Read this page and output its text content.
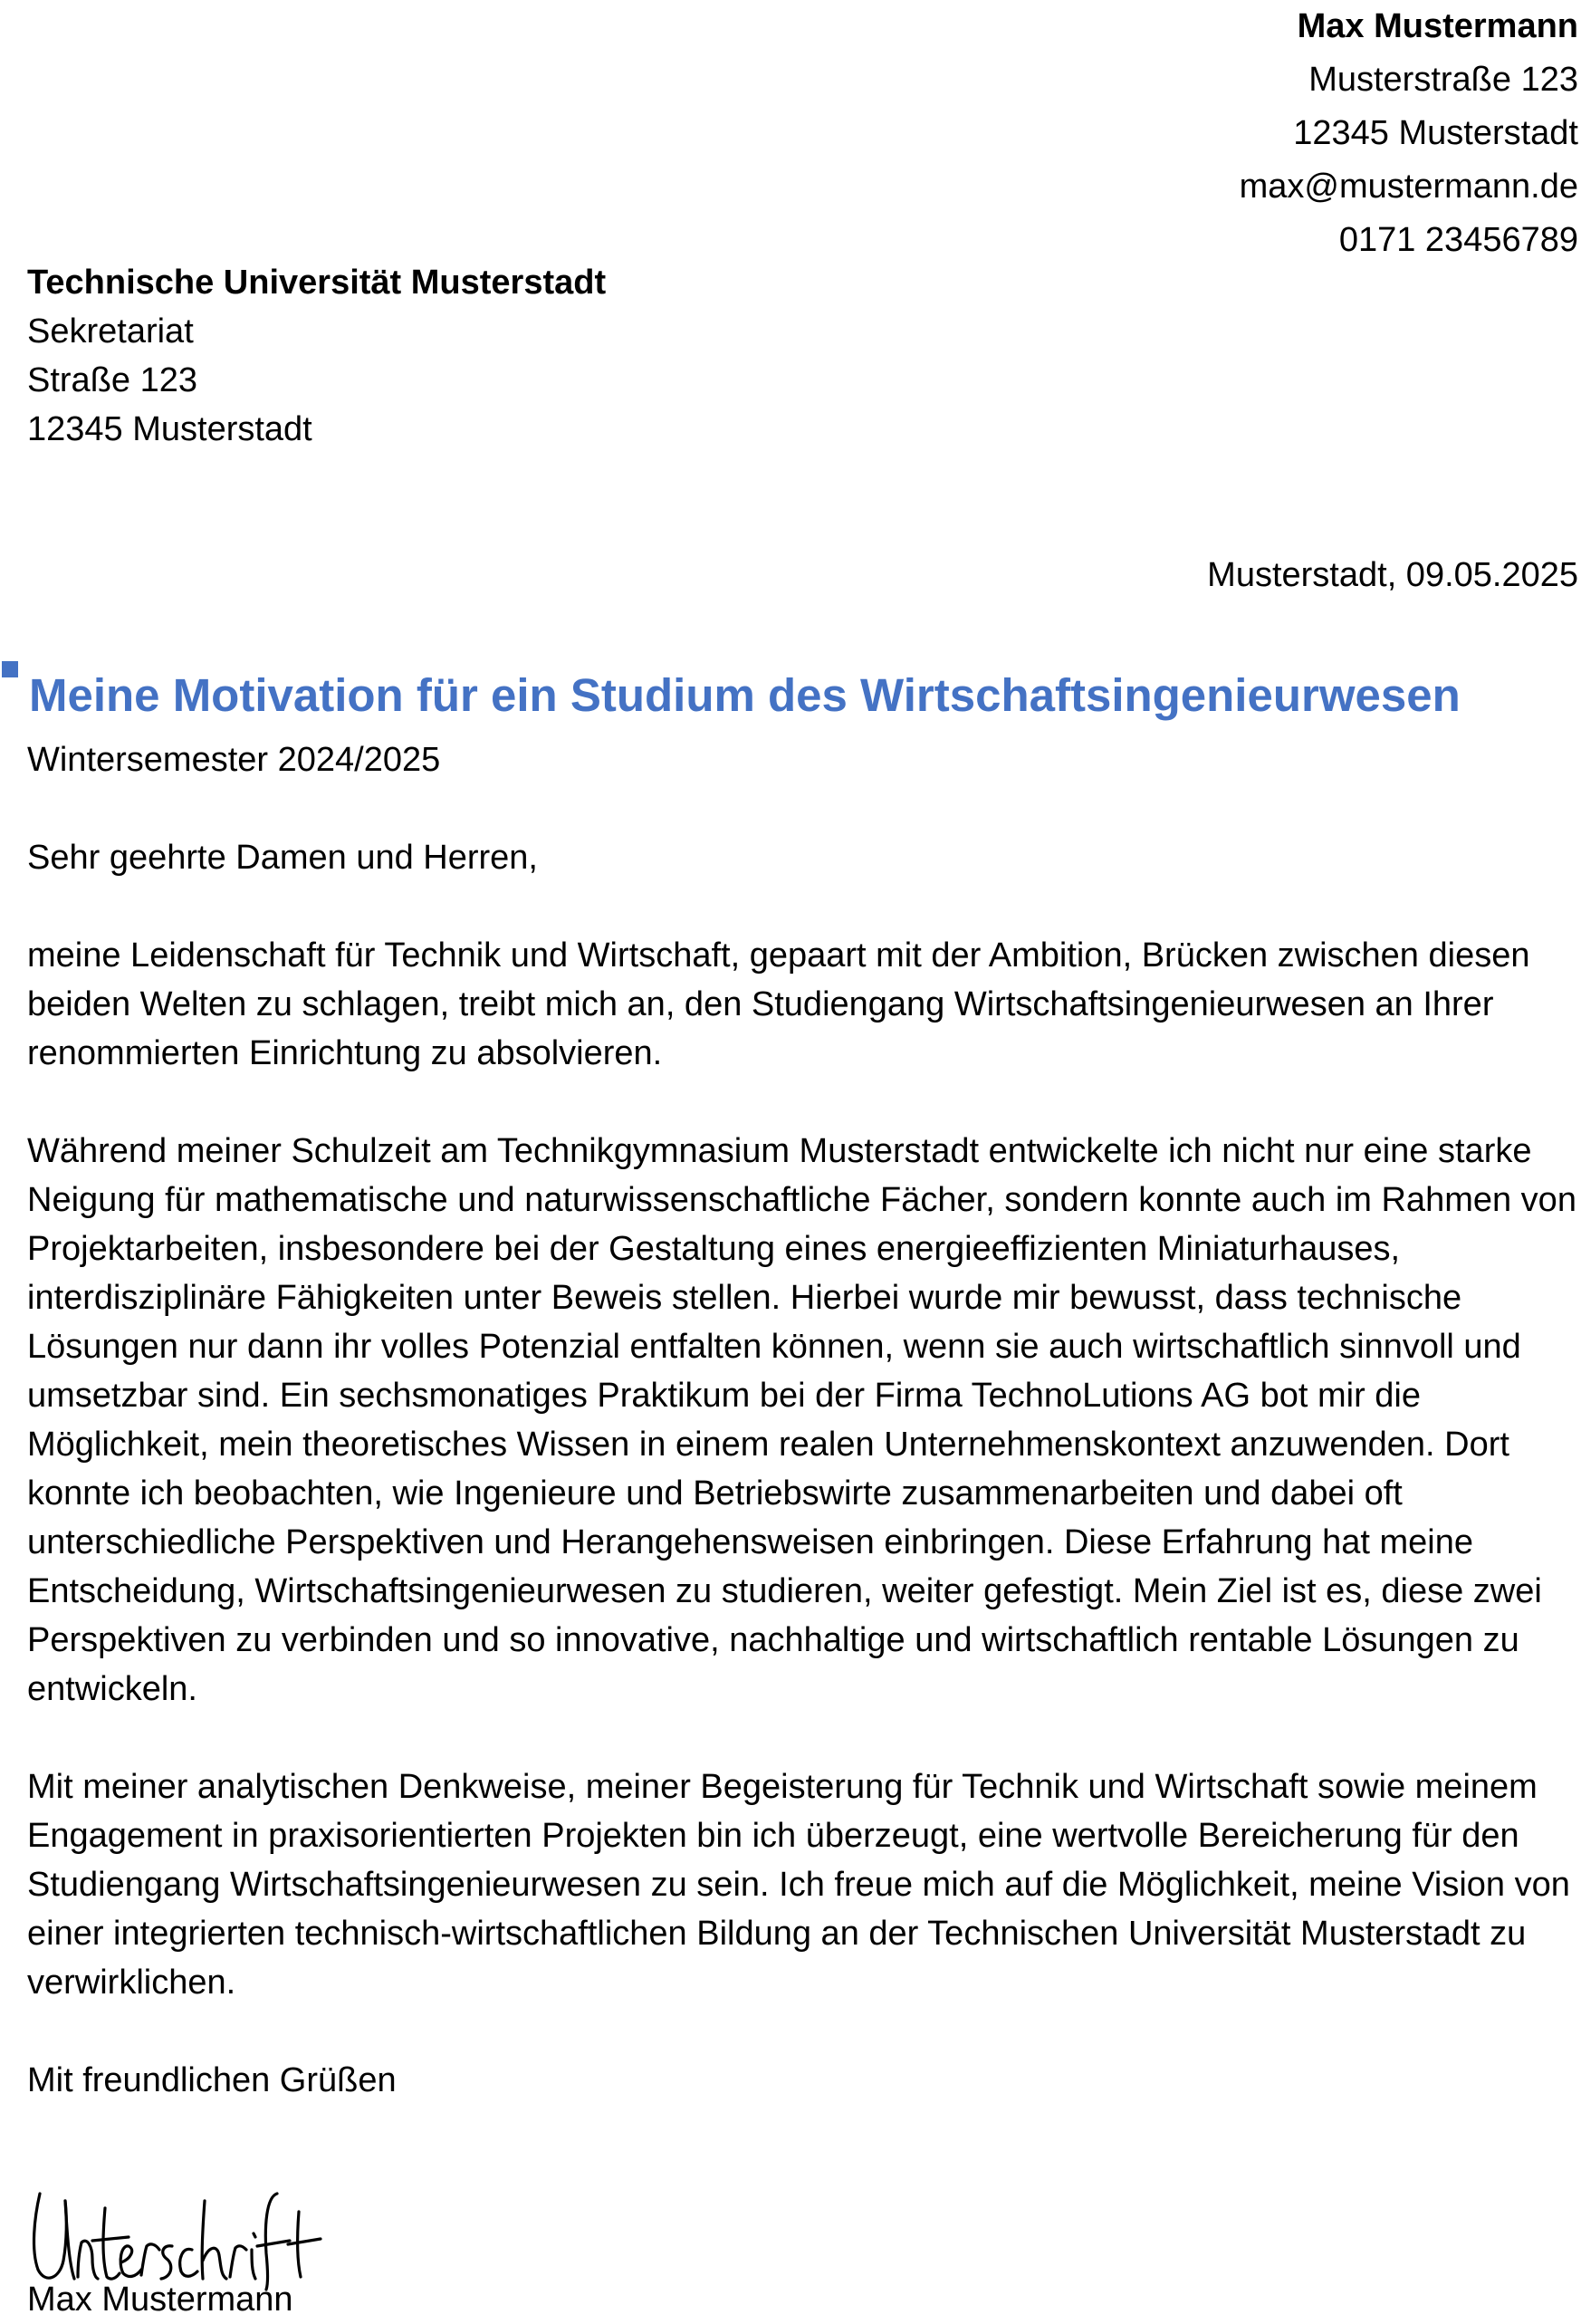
Max Mustermann
Musterstraße 123
12345 Musterstadt
max@mustermann.de
0171 23456789
Technische Universität Musterstadt
Sekretariat
Straße 123
12345 Musterstadt
Musterstadt, 09.05.2025
Meine Motivation für ein Studium des Wirtschaftsingenieurwesen

Wintersemester 2024/2025

Sehr geehrte Damen und Herren,

meine Leidenschaft für Technik und Wirtschaft, gepaart mit der Ambition, Brücken zwischen diesen beiden Welten zu schlagen, treibt mich an, den Studiengang Wirtschaftsingenieurwesen an Ihrer renommierten Einrichtung zu absolvieren.

Während meiner Schulzeit am Technikgymnasium Musterstadt entwickelte ich nicht nur eine starke Neigung für mathematische und naturwissenschaftliche Fächer, sondern konnte auch im Rahmen von Projektarbeiten, insbesondere bei der Gestaltung eines energieeffizienten Miniaturhauses, interdisziplinäre Fähigkeiten unter Beweis stellen. Hierbei wurde mir bewusst, dass technische Lösungen nur dann ihr volles Potenzial entfalten können, wenn sie auch wirtschaftlich sinnvoll und umsetzbar sind. Ein sechsmonatiges Praktikum bei der Firma TechnoLutions AG bot mir die Möglichkeit, mein theoretisches Wissen in einem realen Unternehmenskontext anzuwenden. Dort konnte ich beobachten, wie Ingenieure und Betriebswirte zusammenarbeiten und dabei oft unterschiedliche Perspektiven und Herangehensweisen einbringen. Diese Erfahrung hat meine Entscheidung, Wirtschaftsingenieurwesen zu studieren, weiter gefestigt. Mein Ziel ist es, diese zwei Perspektiven zu verbinden und so innovative, nachhaltige und wirtschaftlich rentable Lösungen zu entwickeln.

Mit meiner analytischen Denkweise, meiner Begeisterung für Technik und Wirtschaft sowie meinem Engagement in praxisorientierten Projekten bin ich überzeugt, eine wertvolle Bereicherung für den Studiengang Wirtschaftsingenieurwesen zu sein. Ich freue mich auf die Möglichkeit, meine Vision von einer integrierten technisch-wirtschaftlichen Bildung an der Technischen Universität Musterstadt zu verwirklichen.

Mit freundlichen Grüßen

Max Mustermann
